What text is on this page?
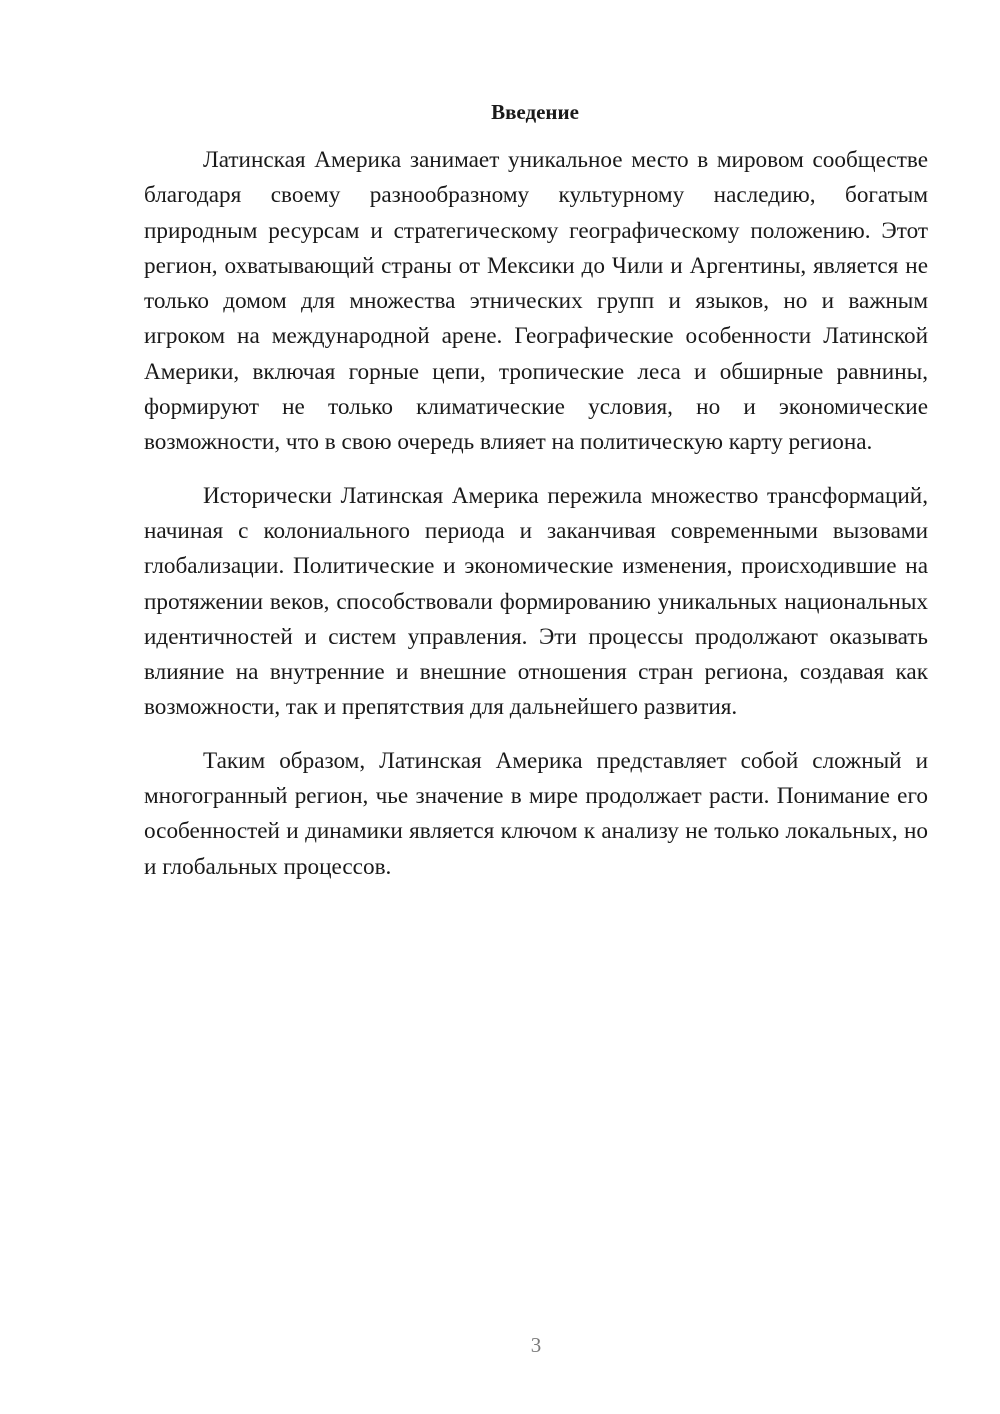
Введение

Латинская Америка занимает уникальное место в мировом сообществе благодаря своему разнообразному культурному наследию, богатым природным ресурсам и стратегическому географическому положению. Этот регион, охватывающий страны от Мексики до Чили и Аргентины, является не только домом для множества этнических групп и языков, но и важным игроком на международной арене. Географические особенности Латинской Америки, включая горные цепи, тропические леса и обширные равнины, формируют не только климатические условия, но и экономические возможности, что в свою очередь влияет на политическую карту региона.

Исторически Латинская Америка пережила множество трансформаций, начиная с колониального периода и заканчивая современными вызовами глобализации. Политические и экономические изменения, происходившие на протяжении веков, способствовали формированию уникальных национальных идентичностей и систем управления. Эти процессы продолжают оказывать влияние на внутренние и внешние отношения стран региона, создавая как возможности, так и препятствия для дальнейшего развития.

Таким образом, Латинская Америка представляет собой сложный и многогранный регион, чье значение в мире продолжает расти. Понимание его особенностей и динамики является ключом к анализу не только локальных, но и глобальных процессов.

3
